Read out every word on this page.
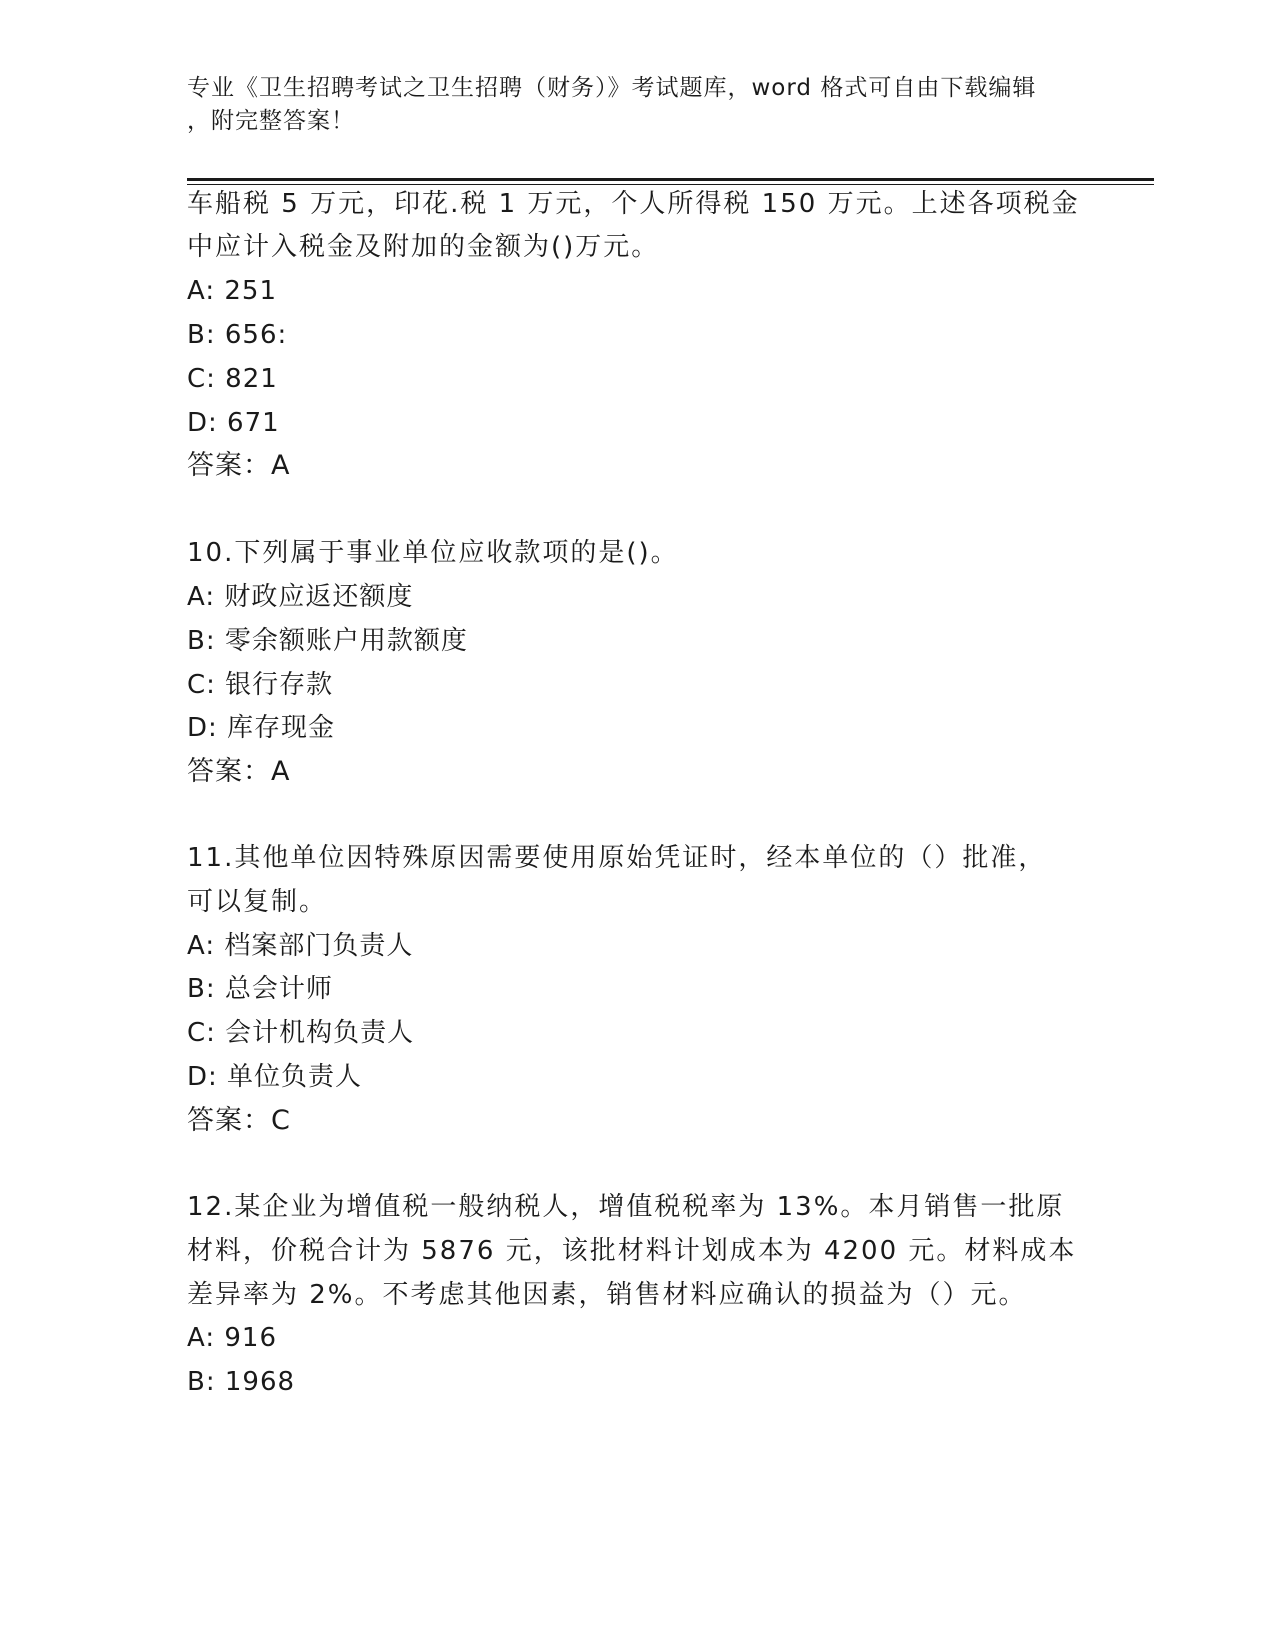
专业《卫生招聘考试之卫生招聘（财务）》考试题库，word 格式可自由下载编辑
，附完整答案！
车船税 5 万元，印花.税 1 万元，个人所得税 150 万元。上述各项税金
中应计入税金及附加的金额为()万元。
A: 251
B: 656:
C: 821
D: 671
答案：A
10.下列属于事业单位应收款项的是()。
A: 财政应返还额度
B: 零余额账户用款额度
C: 银行存款
D: 库存现金
答案：A
11.其他单位因特殊原因需要使用原始凭证时，经本单位的（）批准，
可以复制。
A: 档案部门负责人
B: 总会计师
C: 会计机构负责人
D: 单位负责人
答案：C
12.某企业为增值税一般纳税人，增值税税率为 13%。本月销售一批原
材料，价税合计为 5876 元，该批材料计划成本为 4200 元。材料成本
差异率为 2%。不考虑其他因素，销售材料应确认的损益为（）元。
A: 916
B: 1968
